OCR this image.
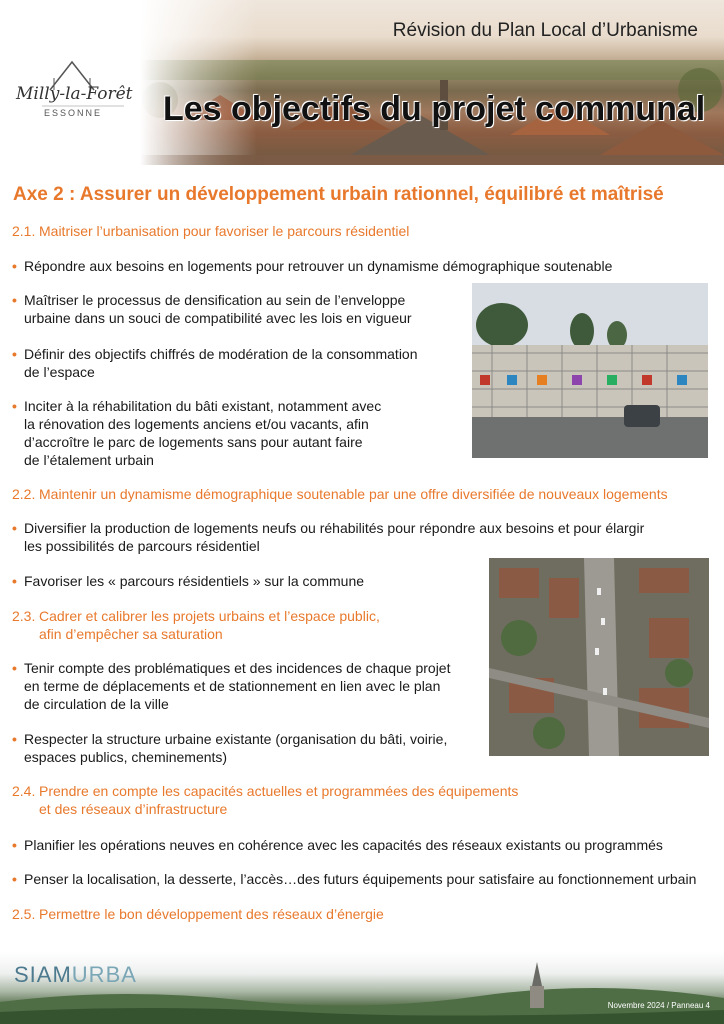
Révision du Plan Local d’Urbanisme
Les objectifs du projet communal
Milly-la-Forêt
ESSONNE
Axe 2 : Assurer un développement urbain rationnel, équilibré et maîtrisé
2.1. Maitriser l’urbanisation pour favoriser le parcours résidentiel
2.2. Maintenir un dynamisme démographique soutenable par une offre diversifiée de nouveaux logements
2.3. Cadrer et calibrer les projets urbains et l’espace public,
afin d’empêcher sa saturation
2.4. Prendre en compte les capacités actuelles et programmées des équipements
et des réseaux d’infrastructure
2.5. Permettre le bon développement des réseaux d’énergie
• Répondre aux besoins en logements pour retrouver un dynamisme démographique soutenable
• Maîtriser le processus de densification au sein de l’enveloppe
urbaine dans un souci de compatibilité avec les lois en vigueur
• Définir des objectifs chiffrés de modération de la consommation
de l’espace
• Inciter à la réhabilitation du bâti existant, notamment avec
la rénovation des logements anciens et/ou vacants, afin
d’accroître le parc de logements sans pour autant faire
de l’étalement urbain
• Diversifier la production de logements neufs ou réhabilités pour répondre aux besoins et pour élargir
les possibilités de parcours résidentiel
• Favoriser les « parcours résidentiels » sur la commune
• Tenir compte des problématiques et des incidences de chaque projet
en terme de déplacements et de stationnement en lien avec le plan
de circulation de la ville
• Respecter la structure urbaine existante (organisation du bâti, voirie,
espaces publics, cheminements)
• Planifier les opérations neuves en cohérence avec les capacités des réseaux existants ou programmés
• Penser la localisation, la desserte, l’accès…des futurs équipements pour satisfaire au fonctionnement urbain
SIAMURBA
Novembre 2024 / Panneau 4
